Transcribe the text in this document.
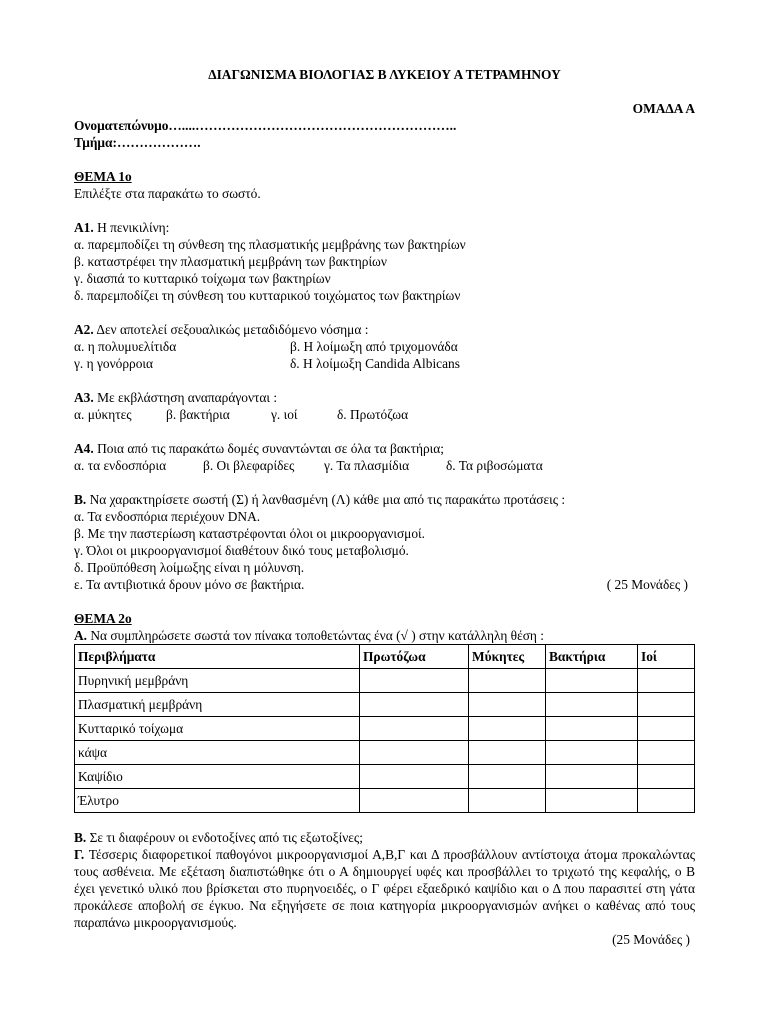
ΔΙΑΓΩΝΙΣΜΑ ΒΙΟΛΟΓΙΑΣ Β ΛΥΚΕΙΟΥ Α ΤΕΤΡΑΜΗΝΟΥ
ΟΜΑΔΑ Α
Ονοματεπώνυμο…....…………………………………………………..
Τμήμα:……………….
ΘΕΜΑ 1ο
Επιλέξτε στα παρακάτω το σωστό.
Α1. Η πενικιλίνη:
α. παρεμποδίζει τη σύνθεση της πλασματικής μεμβράνης των βακτηρίων
β. καταστρέφει την πλασματική μεμβράνη των βακτηρίων
γ. διασπά το κυτταρικό τοίχωμα των βακτηρίων
δ. παρεμποδίζει τη σύνθεση του κυτταρικού τοιχώματος των βακτηρίων
Α2. Δεν αποτελεί σεξουαλικώς μεταδιδόμενο νόσημα :
α. η πολυμυελίτιδα	β. Η λοίμωξη από τριχομονάδα
γ. η γονόρροια	δ. Η λοίμωξη Candida Albicans
Α3. Με εκβλάστηση αναπαράγονται :
α. μύκητες	β. βακτήρια	γ. ιοί	δ. Πρωτόζωα
Α4. Ποια από τις παρακάτω δομές συναντώνται σε όλα τα βακτήρια;
α. τα ενδοσπόρια	β. Οι βλεφαρίδες γ. Τα πλασμίδια	δ. Τα ριβοσώματα
Β. Να χαρακτηρίσετε σωστή (Σ) ή λανθασμένη (Λ) κάθε μια από τις παρακάτω προτάσεις :
α. Τα ενδοσπόρια περιέχουν DNA.
β. Με την παστερίωση καταστρέφονται όλοι οι μικροοργανισμοί.
γ. Όλοι οι μικροοργανισμοί διαθέτουν δικό τους μεταβολισμό.
δ. Προϋπόθεση λοίμωξης είναι η μόλυνση.
ε. Τα αντιβιοτικά δρουν μόνο σε βακτήρια.	( 25 Μονάδες )
ΘΕΜΑ 2ο
Α. Να συμπληρώσετε σωστά τον πίνακα τοποθετώντας ένα (√ ) στην κατάλληλη θέση :
Περιβλήματα	Πρωτόζωα	Μύκητες	Βακτήρια	Ιοί
Πυρηνική μεμβράνη				
Πλασματική μεμβράνη				
Κυτταρικό τοίχωμα				
κάψα				
Καψίδιο				
Έλυτρο				
Β. Σε τι διαφέρουν οι ενδοτοξίνες από τις εξωτοξίνες;
Γ. Τέσσερις διαφορετικοί παθογόνοι μικροοργανισμοί Α,Β,Γ και Δ προσβάλλουν αντίστοιχα άτομα προκαλώντας τους ασθένεια. Με εξέταση διαπιστώθηκε ότι ο Α δημιουργεί υφές και προσβάλλει το τριχωτό της κεφαλής, ο Β έχει γενετικό υλικό που βρίσκεται στο πυρηνοειδές, ο Γ φέρει εξαεδρικό καψίδιο και ο Δ που παρασιτεί στη γάτα προκάλεσε αποβολή σε έγκυο. Να εξηγήσετε σε ποια κατηγορία μικροοργανισμών ανήκει ο καθένας από τους παραπάνω μικροοργανισμούς.
(25 Μονάδες )
